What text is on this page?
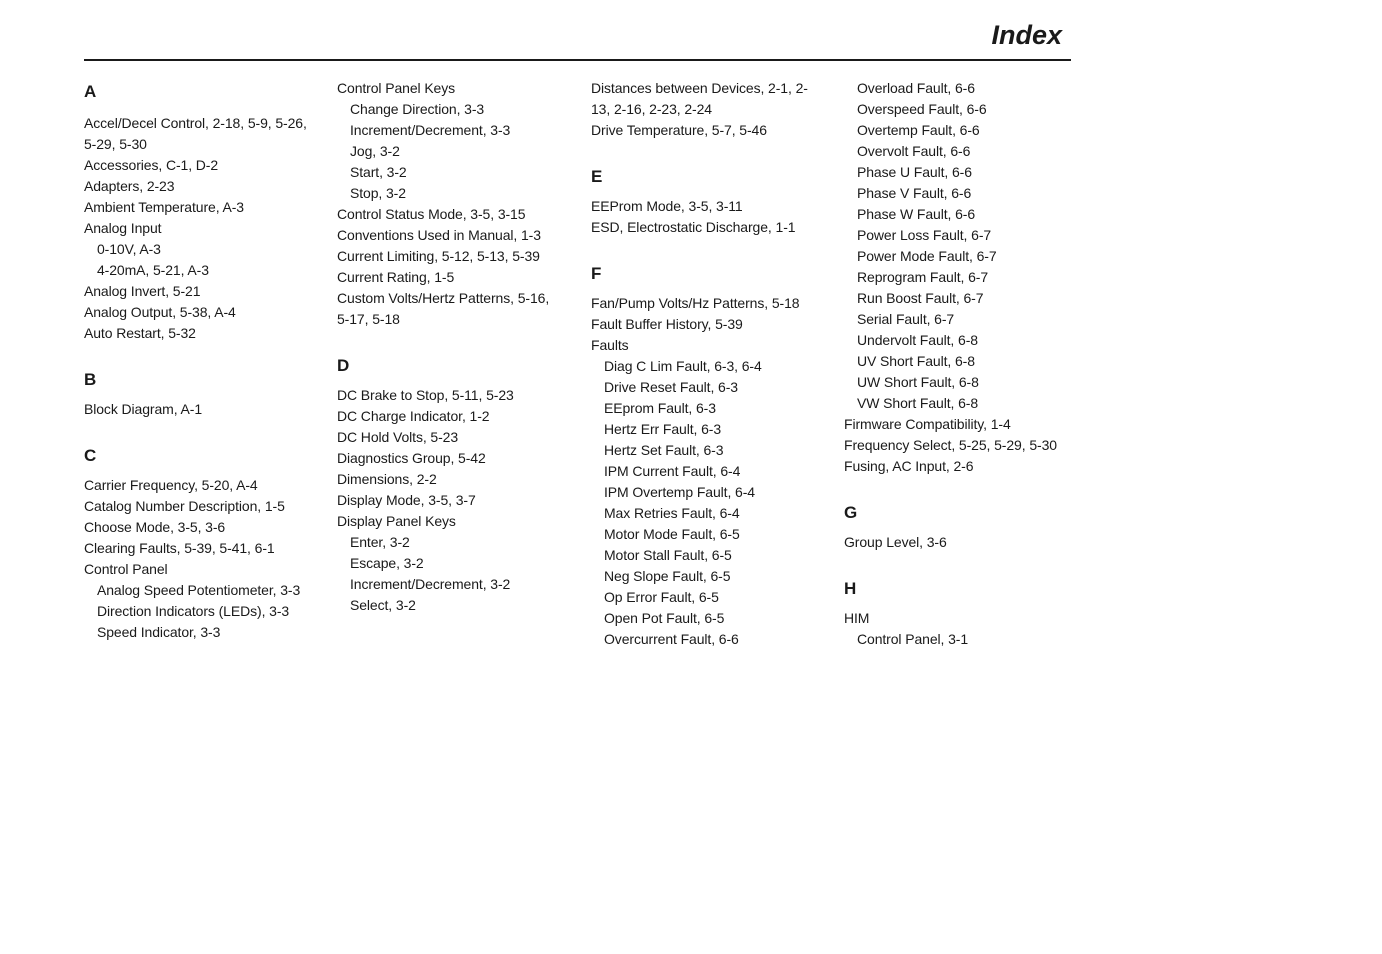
Index
A
Accel/Decel Control, 2-18, 5-9, 5-26, 5-29, 5-30
Accessories, C-1, D-2
Adapters, 2-23
Ambient Temperature, A-3
Analog Input
0-10V, A-3
4-20mA, 5-21, A-3
Analog Invert, 5-21
Analog Output, 5-38, A-4
Auto Restart, 5-32
B
Block Diagram, A-1
C
Carrier Frequency, 5-20, A-4
Catalog Number Description, 1-5
Choose Mode, 3-5, 3-6
Clearing Faults, 5-39, 5-41, 6-1
Control Panel
Analog Speed Potentiometer, 3-3
Direction Indicators (LEDs), 3-3
Speed Indicator, 3-3
Control Panel Keys
Change Direction, 3-3
Increment/Decrement, 3-3
Jog, 3-2
Start, 3-2
Stop, 3-2
Control Status Mode, 3-5, 3-15
Conventions Used in Manual, 1-3
Current Limiting, 5-12, 5-13, 5-39
Current Rating, 1-5
Custom Volts/Hertz Patterns, 5-16, 5-17, 5-18
D
DC Brake to Stop, 5-11, 5-23
DC Charge Indicator, 1-2
DC Hold Volts, 5-23
Diagnostics Group, 5-42
Dimensions, 2-2
Display Mode, 3-5, 3-7
Display Panel Keys
Enter, 3-2
Escape, 3-2
Increment/Decrement, 3-2
Select, 3-2
Distances between Devices, 2-1, 2-13, 2-16, 2-23, 2-24
Drive Temperature, 5-7, 5-46
E
EEProm Mode, 3-5, 3-11
ESD, Electrostatic Discharge, 1-1
F
Fan/Pump Volts/Hz Patterns, 5-18
Fault Buffer History, 5-39
Faults
Diag C Lim Fault, 6-3, 6-4
Drive Reset Fault, 6-3
EEprom Fault, 6-3
Hertz Err Fault, 6-3
Hertz Set Fault, 6-3
IPM Current Fault, 6-4
IPM Overtemp Fault, 6-4
Max Retries Fault, 6-4
Motor Mode Fault, 6-5
Motor Stall Fault, 6-5
Neg Slope Fault, 6-5
Op Error Fault, 6-5
Open Pot Fault, 6-5
Overcurrent Fault, 6-6
Overload Fault, 6-6
Overspeed Fault, 6-6
Overtemp Fault, 6-6
Overvolt Fault, 6-6
Phase U Fault, 6-6
Phase V Fault, 6-6
Phase W Fault, 6-6
Power Loss Fault, 6-7
Power Mode Fault, 6-7
Reprogram Fault, 6-7
Run Boost Fault, 6-7
Serial Fault, 6-7
Undervolt Fault, 6-8
UV Short Fault, 6-8
UW Short Fault, 6-8
VW Short Fault, 6-8
Firmware Compatibility, 1-4
Frequency Select, 5-25, 5-29, 5-30
Fusing, AC Input, 2-6
G
Group Level, 3-6
H
HIM
Control Panel, 3-1
